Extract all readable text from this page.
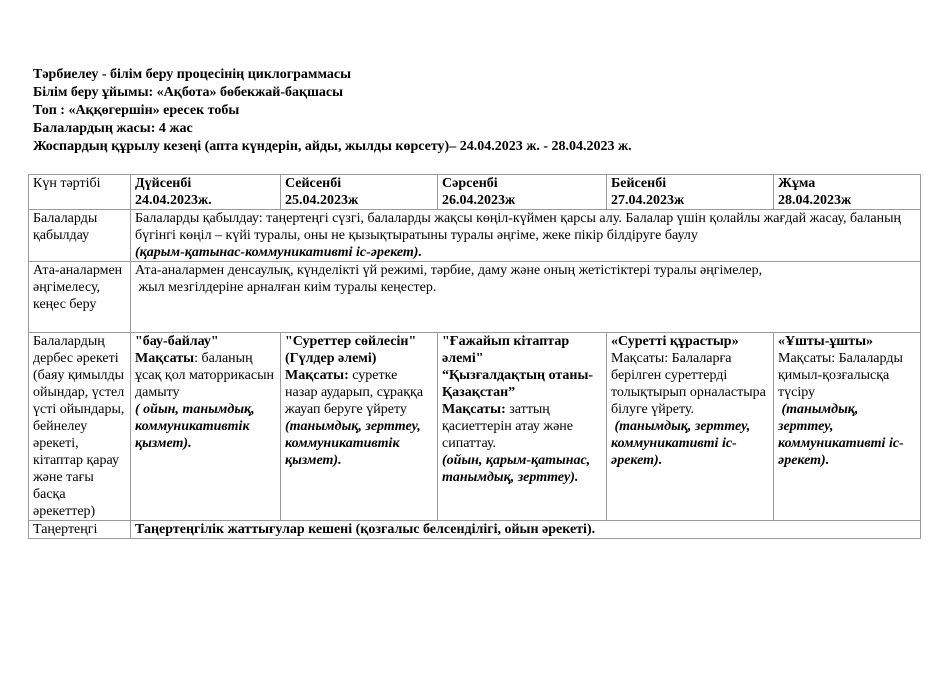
Тәрбиелеу - білім беру процесінің циклограммасы
Білім беру ұйымы: «Ақбота» бөбекжай-бақшасы
Топ : «Аққөгершін» ересек тобы
Балалардың жасы: 4 жас
Жоспардың құрылу кезеңі (апта күндерін, айды, жылды көрсету)– 24.04.2023 ж. - 28.04.2023 ж.
Күн тәртібі	Дүйсенбі
24.04.2023ж.	Сейсенбі
25.04.2023ж	Сәрсенбі
26.04.2023ж	Бейсенбі
27.04.2023ж	Жұма
28.04.2023ж

Балаларды қабылдау	Балаларды қабылдау: таңертеңгі сүзгі, балаларды жақсы көңіл-күймен қарсы алу. Балалар үшін қолайлы жағдай жасау, баланың бүгінгі көңіл – күйі туралы, оны не қызықтыратыны туралы әңгіме, жеке пікір білдіруге баулу
(қарым-қатынас-коммуникативті іс-әрекет).				

Ата-аналармен әңгімелесу, кеңес беру	Ата-аналармен денсаулық, күнделікті үй режимі, тәрбие, даму және оның жетістіктері туралы әңгімелер,
жыл мезгілдеріне арналған киім туралы кеңестер.				

Балалардың дербес әрекеті (баяу қимылды ойындар, үстел үсті ойындары, бейнелеу әрекеті, кітаптар қарау және тағы басқа әрекеттер)	"бау-байлау"
Мақсаты: баланың ұсақ қол маторрикасын дамыту
( ойын, танымдық, коммуникативтік қызмет).	"Суреттер сөйлесін"
(Гүлдер әлемі)
Мақсаты: суретке назар аударып, сұраққа жауап беруге үйрету
(танымдық, зерттеу, коммуникативтік қызмет).	"Ғажайып кітаптар әлемі"
“Қызғалдақтың отаны-Қазақстан”
Мақсаты: заттың қасиеттерін атау және сипаттау.
(ойын, қарым-қатынас, танымдық, зерттеу).	«Суретті құрастыр»
Мақсаты: Балаларға берілген суреттерді толықтырып орналастыра білуге үйрету.
(танымдық, зерттеу, коммуникативті іс-әрекет).	«Ұшты-ұшты»
Мақсаты: Балаларды қимыл-қозғалысқа түсіру
(танымдық, зерттеу, коммуникативті іс-әрекет).

Таңертеңгі	Таңертеңгілік жаттығулар кешені (қозғалыс белсенділігі, ойын әрекеті).				
